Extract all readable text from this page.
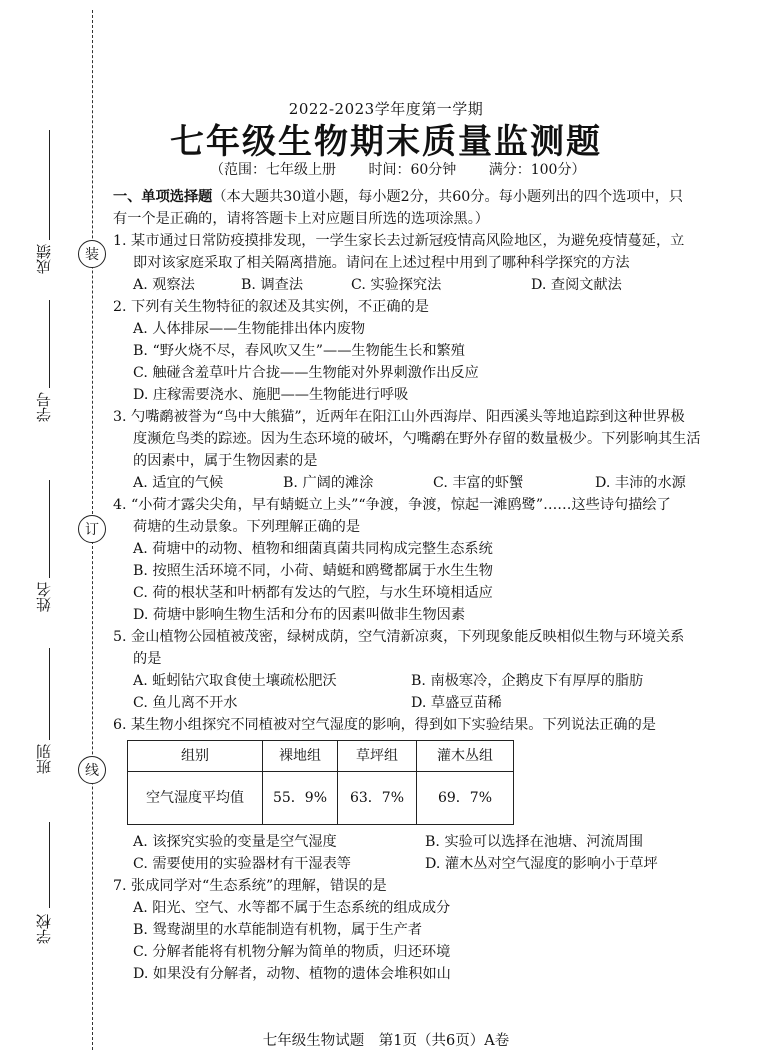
成绩
学号
姓名
班别
学校
装
订
线
2022-2023学年度第一学期
七年级生物期末质量监测题
（范围：七年级上册 时间：60分钟 满分：100分）

一、单项选择题（本大题共30道小题，每小题2分，共60分。每小题列出的四个选项中，只

有一个是正确的，请将答题卡上对应题目所选的选项涂黑。）

1. 某市通过日常防疫摸排发现，一学生家长去过新冠疫情高风险地区，为避免疫情蔓延，立

即对该家庭采取了相关隔离措施。请问在上述过程中用到了哪种科学探究的方法

A. 观察法	B. 调查法	C. 实验探究法	D. 查阅文献法

2. 下列有关生物特征的叙述及其实例，不正确的是

A. 人体排尿——生物能排出体内废物

B. “野火烧不尽，春风吹又生”——生物能生长和繁殖

C. 触碰含羞草叶片合拢——生物能对外界刺激作出反应

D. 庄稼需要浇水、施肥——生物能进行呼吸

3. 勺嘴鹬被誉为“鸟中大熊猫”，近两年在阳江山外西海岸、阳西溪头等地追踪到这种世界极

度濒危鸟类的踪迹。因为生态环境的破坏，勺嘴鹬在野外存留的数量极少。下列影响其生活

的因素中，属于生物因素的是

A. 适宜的气候	B. 广阔的滩涂	C. 丰富的虾蟹	D. 丰沛的水源

4. “小荷才露尖尖角，早有蜻蜓立上头”“争渡，争渡，惊起一滩鸥鹭”……这些诗句描绘了

荷塘的生动景象。下列理解正确的是

A. 荷塘中的动物、植物和细菌真菌共同构成完整生态系统

B. 按照生活环境不同，小荷、蜻蜓和鸥鹭都属于水生生物

C. 荷的根状茎和叶柄都有发达的气腔，与水生环境相适应

D. 荷塘中影响生物生活和分布的因素叫做非生物因素

5. 金山植物公园植被茂密，绿树成荫，空气清新凉爽，下列现象能反映相似生物与环境关系

的是

A. 蚯蚓钻穴取食使土壤疏松肥沃	B. 南极寒冷，企鹅皮下有厚厚的脂肪
C. 鱼儿离不开水	D. 草盛豆苗稀

6. 某生物小组探究不同植被对空气湿度的影响，得到如下实验结果。下列说法正确的是

组别	裸地组	草坪组	灌木丛组
空气湿度平均值	55．9%	63．7%	69．7%
A. 该探究实验的变量是空气湿度	B. 实验可以选择在池塘、河流周围
C. 需要使用的实验器材有干湿表等	D. 灌木丛对空气湿度的影响小于草坪

7. 张成同学对“生态系统”的理解，错误的是

A. 阳光、空气、水等都不属于生态系统的组成成分

B. 鸳鸯湖里的水草能制造有机物，属于生产者

C. 分解者能将有机物分解为简单的物质，归还环境

D. 如果没有分解者，动物、植物的遗体会堆积如山

七年级生物试题　第1页（共6页）A卷
